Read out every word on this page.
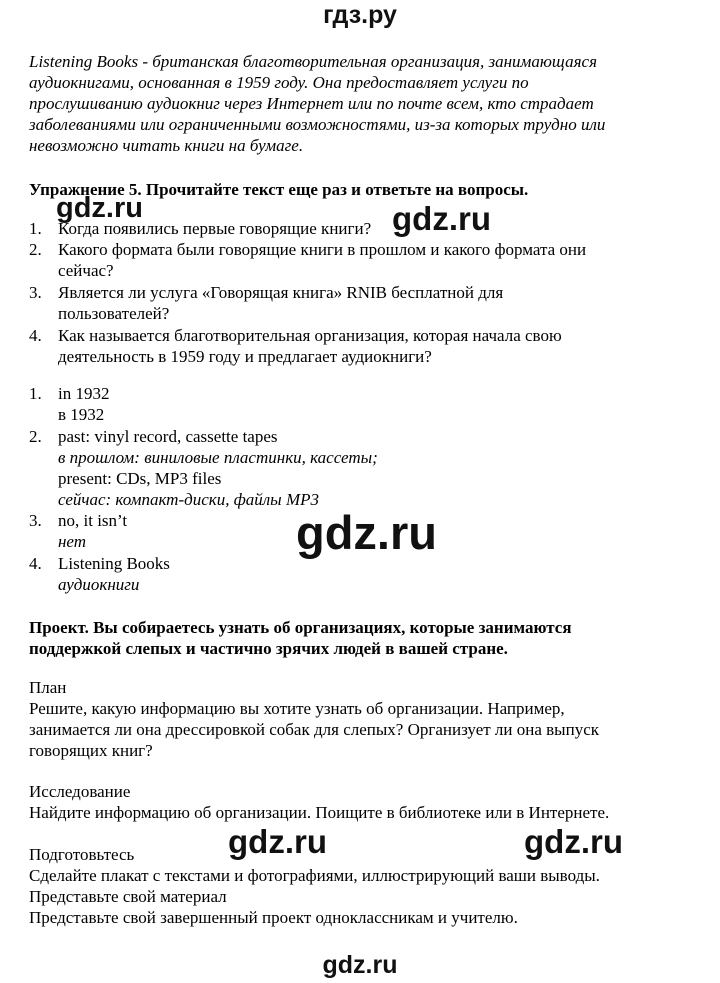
гдз.ру
Listening Books - британская благотворительная организация, занимающаяся
аудиокнигами, основанная в 1959 году. Она предоставляет услуги по
прослушиванию аудиокниг через Интернет или по почте всем, кто страдает
заболеваниями или ограниченными возможностями, из-за которых трудно или
невозможно читать книги на бумаге.
Упражнение 5. Прочитайте текст еще раз и ответьте на вопросы.
gdz.ru	gdz.ru
1. Когда появились первые говорящие книги?
2. Какого формата были говорящие книги в прошлом и какого формата они
сейчас?
3. Является ли услуга «Говорящая книга» RNIB бесплатной для
пользователей?
4. Как называется благотворительная организация, которая начала свою
деятельность в 1959 году и предлагает аудиокниги?
1. in 1932
в 1932
2. past: vinyl record, cassette tapes
в прошлом: виниловые пластинки, кассеты;
present: CDs, MP3 files
сейчас: компакт-диски, файлы MP3
3. no, it isn’t
нет
4. Listening Books
аудиокниги
gdz.ru
Проект. Вы собираетесь узнать об организациях, которые занимаются
поддержкой слепых и частично зрячих людей в вашей стране.
План
Решите, какую информацию вы хотите узнать об организации. Например,
занимается ли она дрессировкой собак для слепых? Организует ли она выпуск
говорящих книг?
Исследование
Найдите информацию об организации. Поищите в библиотеке или в Интернете.
gdz.ru	gdz.ru
Подготовьтесь
Сделайте плакат с текстами и фотографиями, иллюстрирующий ваши выводы.
Представьте свой материал
Представьте свой завершенный проект одноклассникам и учителю.
gdz.ru
